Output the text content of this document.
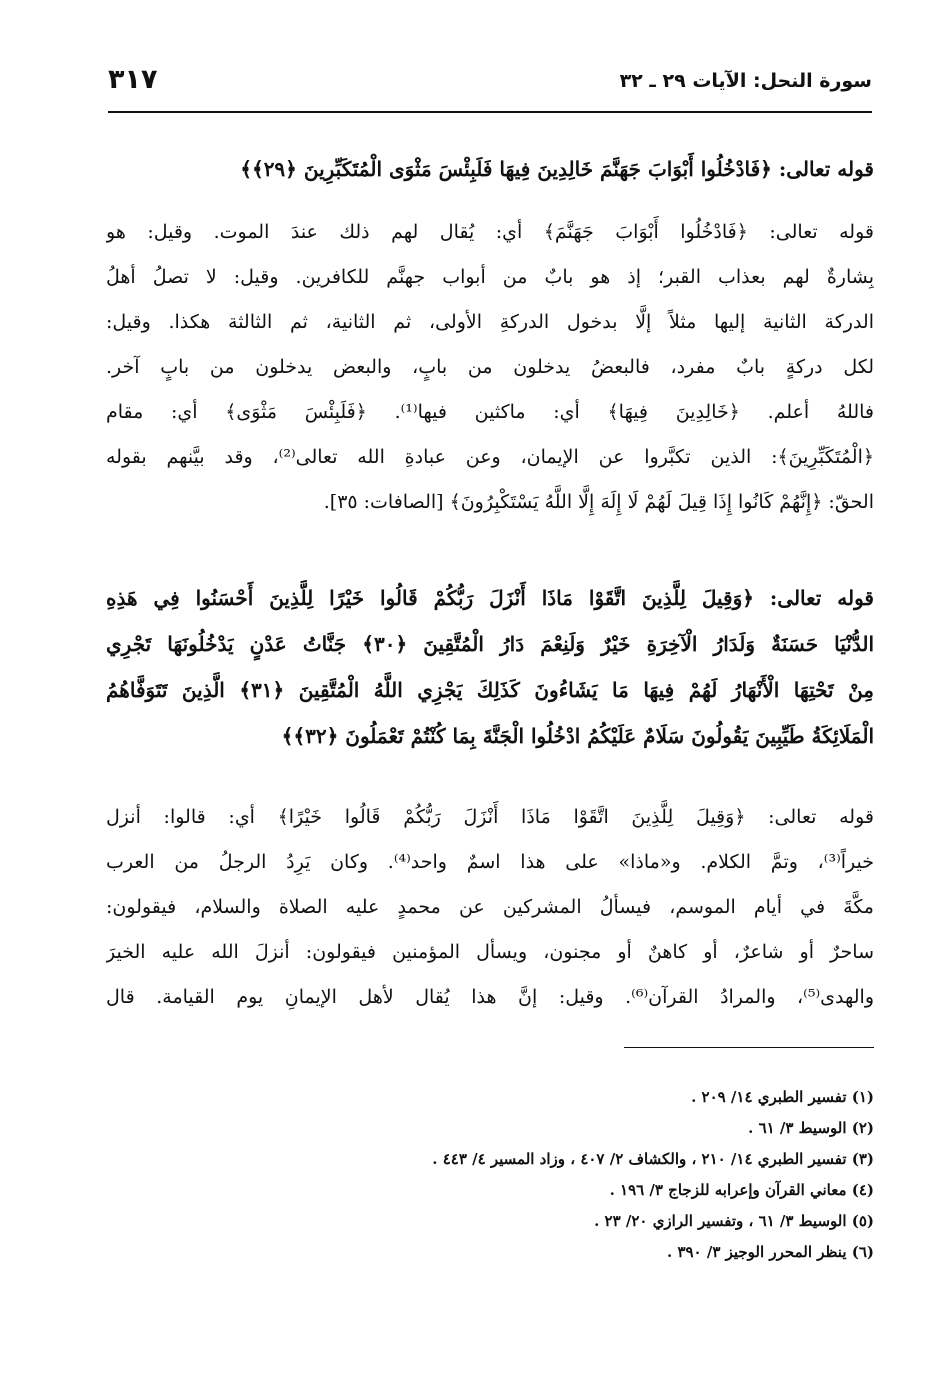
سورة النحل: الآيات ٢٩ ـ ٣٢
٣١٧
قوله تعالى: ﴿فَادْخُلُوا أَبْوَابَ جَهَنَّمَ خَالِدِينَ فِيهَا فَلَبِئْسَ مَثْوَى الْمُتَكَبِّرِينَ ﴿٢٩﴾﴾
قوله تعالى: ﴿فَادْخُلُوا أَبْوَابَ جَهَنَّمَ﴾ أي: يُقال لهم ذلك عندَ الموت. وقيل: هو
بِشارةٌ لهم بعذاب القبر؛ إذ هو بابٌ من أبواب جهنَّم للكافرين. وقيل: لا تصلُ أهلُ
الدركة الثانية إليها مثلاً إلَّا بدخول الدركةِ الأولى، ثم الثانية، ثم الثالثة هكذا. وقيل:
لكل دركةٍ بابٌ مفرد، فالبعضُ يدخلون من بابٍ، والبعض يدخلون من بابٍ آخر.
فاللهُ أعلم. ﴿خَالِدِينَ فِيهَا﴾ أي: ماكثين فيها⁽¹⁾. ﴿فَلَبِئْسَ مَثْوَى﴾ أي: مقام
﴿الْمُتَكَبِّرِينَ﴾: الذين تكبَّروا عن الإيمان، وعن عبادةِ الله تعالى⁽²⁾، وقد بيَّنهم بقوله
الحقّ: ﴿إِنَّهُمْ كَانُوا إِذَا قِيلَ لَهُمْ لَا إِلَهَ إِلَّا اللَّهُ يَسْتَكْبِرُونَ﴾ [الصافات: ٣٥].
قوله تعالى: ﴿وَقِيلَ لِلَّذِينَ اتَّقَوْا مَاذَا أَنْزَلَ رَبُّكُمْ قَالُوا خَيْرًا لِلَّذِينَ أَحْسَنُوا فِي هَذِهِ
الدُّنْيَا حَسَنَةٌ وَلَدَارُ الْآخِرَةِ خَيْرٌ وَلَنِعْمَ دَارُ الْمُتَّقِينَ ﴿٣٠﴾ جَنَّاتُ عَدْنٍ يَدْخُلُونَهَا تَجْرِي
مِنْ تَحْتِهَا الْأَنْهَارُ لَهُمْ فِيهَا مَا يَشَاءُونَ كَذَلِكَ يَجْزِي اللَّهُ الْمُتَّقِينَ ﴿٣١﴾ الَّذِينَ تَتَوَفَّاهُمُ
الْمَلَائِكَةُ طَيِّبِينَ يَقُولُونَ سَلَامٌ عَلَيْكُمُ ادْخُلُوا الْجَنَّةَ بِمَا كُنْتُمْ تَعْمَلُونَ ﴿٣٢﴾﴾
قوله تعالى: ﴿وَقِيلَ لِلَّذِينَ اتَّقَوْا مَاذَا أَنْزَلَ رَبُّكُمْ قَالُوا خَيْرًا﴾ أي: قالوا: أنزل
خيراً⁽³⁾، وتمَّ الكلام. و«ماذا» على هذا اسمٌ واحد⁽⁴⁾. وكان يَرِدُ الرجلُ من العرب
مكَّةَ في أيام الموسم، فيسألُ المشركين عن محمدٍ عليه الصلاة والسلام، فيقولون:
ساحرٌ أو شاعرٌ، أو كاهنٌ أو مجنون، ويسأل المؤمنين فيقولون: أنزلَ الله عليه الخيرَ
والهدى⁽⁵⁾، والمرادُ القرآن⁽⁶⁾. وقيل: إنَّ هذا يُقال لأهل الإيمانِ يوم القيامة. قال
(١) تفسير الطبري ١٤/ ٢٠٩ .
(٢) الوسيط ٣/ ٦١ .
(٣) تفسير الطبري ١٤/ ٢١٠ ، والكشاف ٢/ ٤٠٧ ، وزاد المسير ٤/ ٤٤٣ .
(٤) معاني القرآن وإعرابه للزجاج ٣/ ١٩٦ .
(٥) الوسيط ٣/ ٦١ ، وتفسير الرازي ٢٠/ ٢٣ .
(٦) ينظر المحرر الوجيز ٣/ ٣٩٠ .
